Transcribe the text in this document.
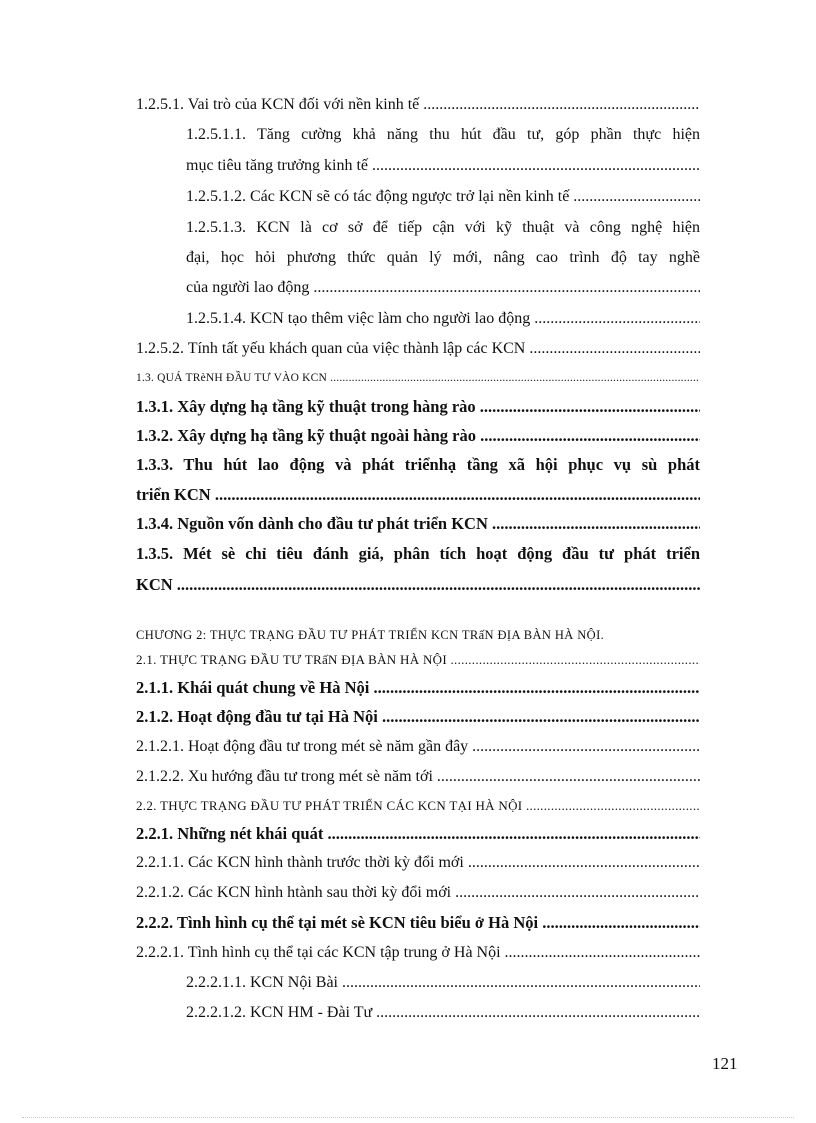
1.2.5.1. Vai trò của KCN đối với nền kinh tế .....
1.2.5.1.1. Tăng cường khả năng thu hút đầu tư, góp phần thực hiện
mục tiêu tăng trưởng kinh tế .....
1.2.5.1.2. Các KCN sẽ có tác động ngược trở lại nền kinh tế .....
1.2.5.1.3. KCN là cơ sở để tiếp cận với kỹ thuật và công nghệ hiện
đại, học hỏi phương thức quản lý mới, nâng cao trình độ tay nghề
của người lao động .....
1.2.5.1.4. KCN tạo thêm việc làm cho người lao động .....
1.2.5.2. Tính tất yếu khách quan của việc thành lập các KCN .....
1.3. QUÁ TRèNH ĐẦU TƯ VÀO KCN .....
1.3.1. Xây dựng hạ tầng kỹ thuật trong hàng rào .....
1.3.2. Xây dựng hạ tầng kỹ thuật ngoài hàng rào .....
1.3.3. Thu hút lao động và phát triểnhạ tầng xã hội phục vụ sù phát
triển KCN .....
1.3.4. Nguồn vốn dành cho đầu tư phát triển KCN .....
1.3.5. Mét sè chỉ tiêu đánh giá, phân tích hoạt động đầu tư phát triển
KCN .....
CHƯƠNG 2: THỰC TRẠNG ĐẦU TƯ PHÁT TRIỂN KCN TRấN ĐỊA BÀN HÀ NỘI.
2.1. THỰC TRẠNG ĐẦU TƯ TRấN ĐỊA BÀN HÀ NỘI .....
2.1.1. Khái quát chung về Hà Nội .....
2.1.2. Hoạt động đầu tư tại Hà Nội .....
2.1.2.1. Hoạt động đầu tư trong mét sè năm gần đây .....
2.1.2.2. Xu hướng đầu tư trong mét sè năm tới .....
2.2. THỰC TRẠNG ĐẦU TƯ PHÁT TRIỂN CÁC KCN TẠI HÀ NỘI .....
2.2.1. Những nét khái quát .....
2.2.1.1. Các KCN hình thành trước thời kỳ đổi mới .....
2.2.1.2. Các KCN hình htành sau thời kỳ đổi mới .....
2.2.2. Tình hình cụ thể tại mét sè KCN tiêu biểu ở Hà Nội .....
2.2.2.1. Tình hình cụ thể tại các KCN tập trung ở Hà Nội .....
2.2.2.1.1. KCN Nội Bài .....
2.2.2.1.2. KCN HM - Đài Tư .....
121
